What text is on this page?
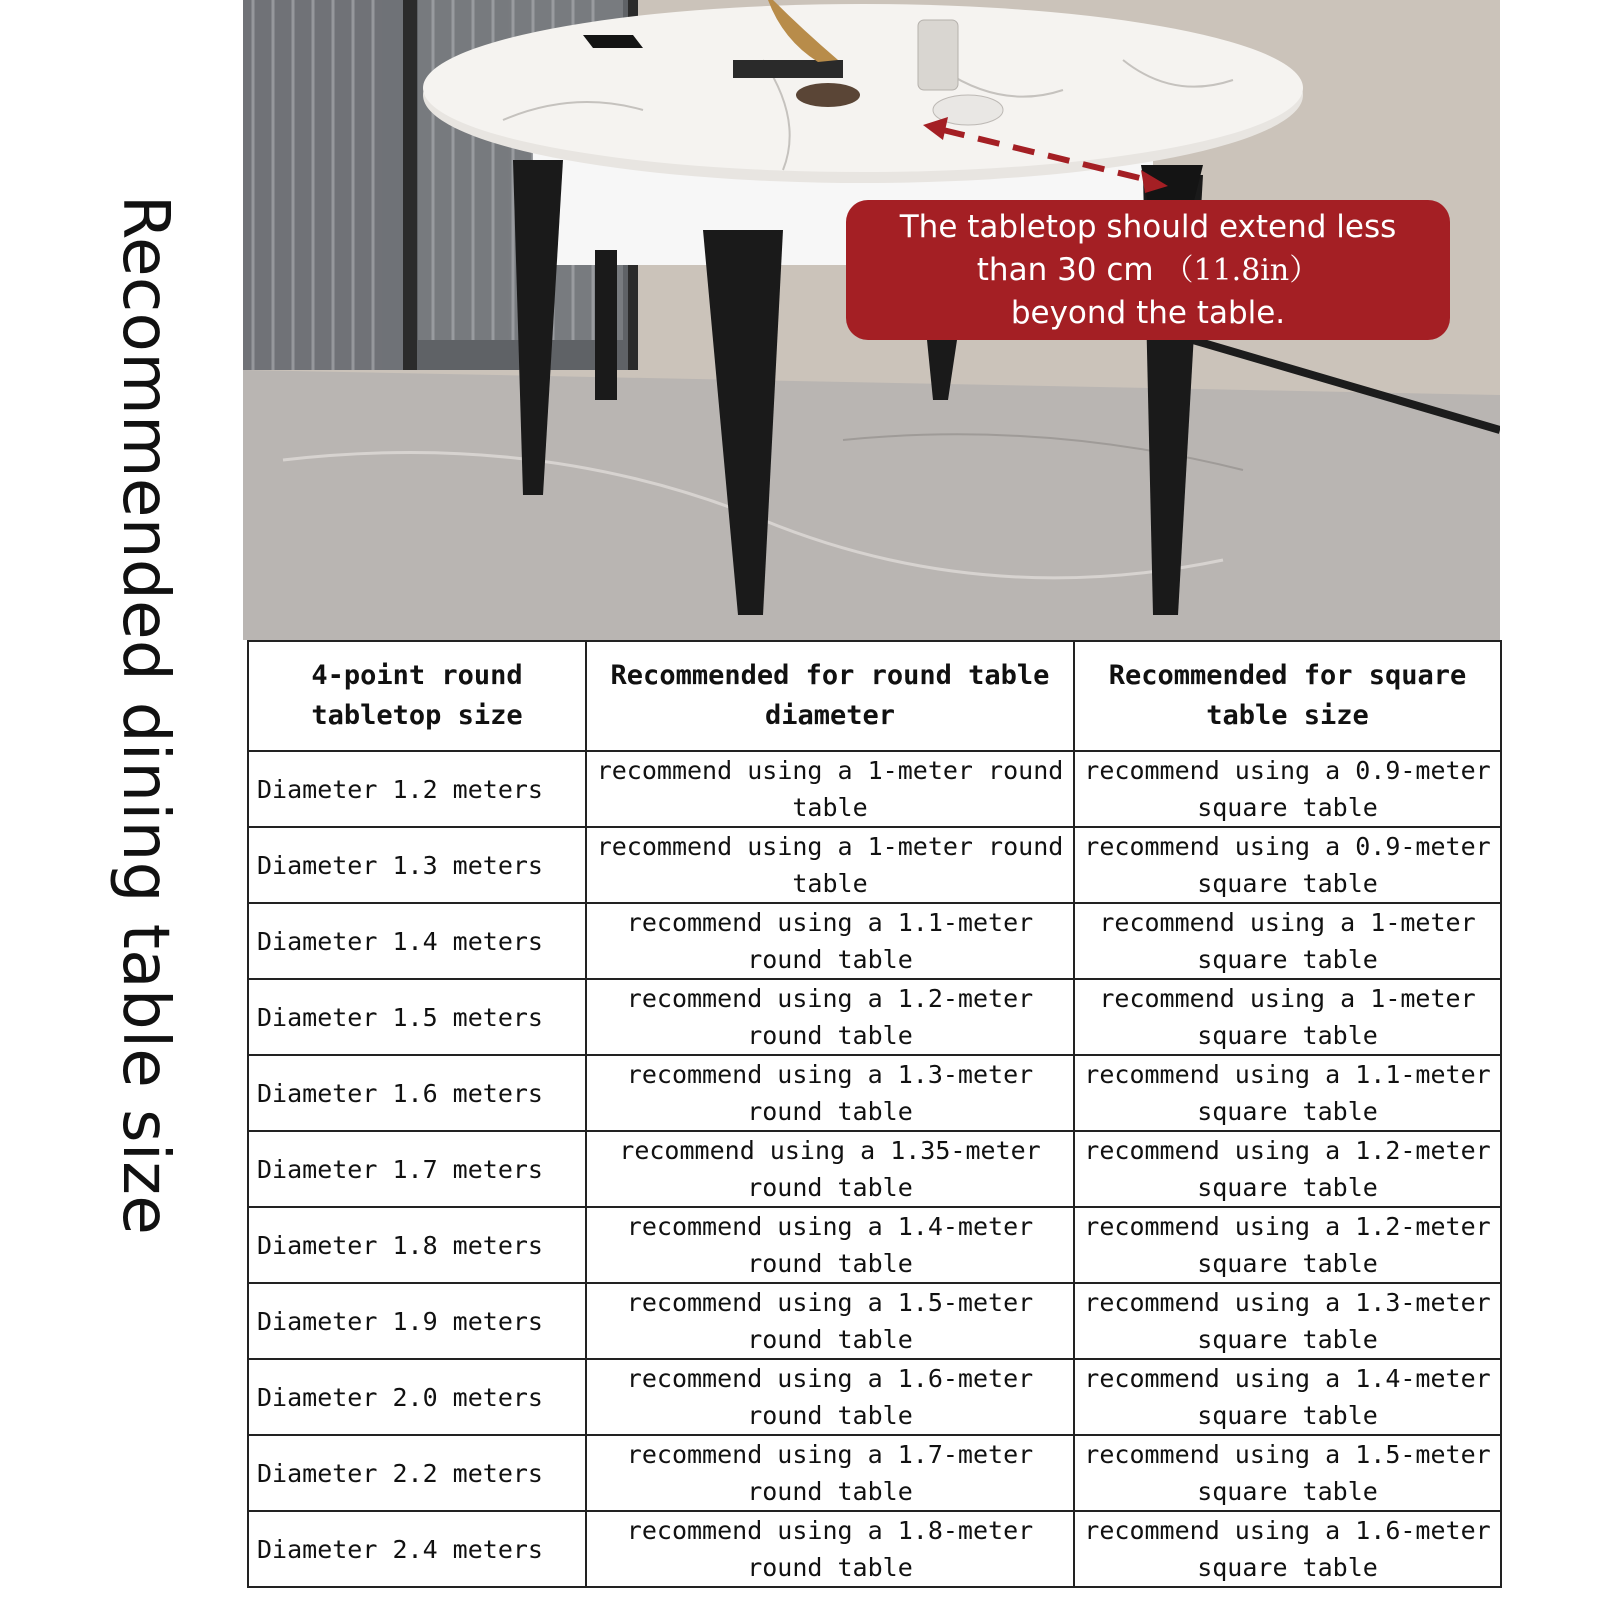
Recommended dining table size	The tabletop should extend less
than 30 cm （11.8in）
beyond the table.
4-point round tabletop size	Recommended for round table diameter	Recommended for square table size
Diameter 1.2 meters	recommend using a 1-meter round table	recommend using a 0.9-meter square table
Diameter 1.3 meters	recommend using a 1-meter round table	recommend using a 0.9-meter square table
Diameter 1.4 meters	recommend using a 1.1-meter round table	recommend using a 1-meter square table
Diameter 1.5 meters	recommend using a 1.2-meter round table	recommend using a 1-meter square table
Diameter 1.6 meters	recommend using a 1.3-meter round table	recommend using a 1.1-meter square table
Diameter 1.7 meters	recommend using a 1.35-meter round table	recommend using a 1.2-meter square table
Diameter 1.8 meters	recommend using a 1.4-meter round table	recommend using a 1.2-meter square table
Diameter 1.9 meters	recommend using a 1.5-meter round table	recommend using a 1.3-meter square table
Diameter 2.0 meters	recommend using a 1.6-meter round table	recommend using a 1.4-meter square table
Diameter 2.2 meters	recommend using a 1.7-meter round table	recommend using a 1.5-meter square table
Diameter 2.4 meters	recommend using a 1.8-meter round table	recommend using a 1.6-meter square table
